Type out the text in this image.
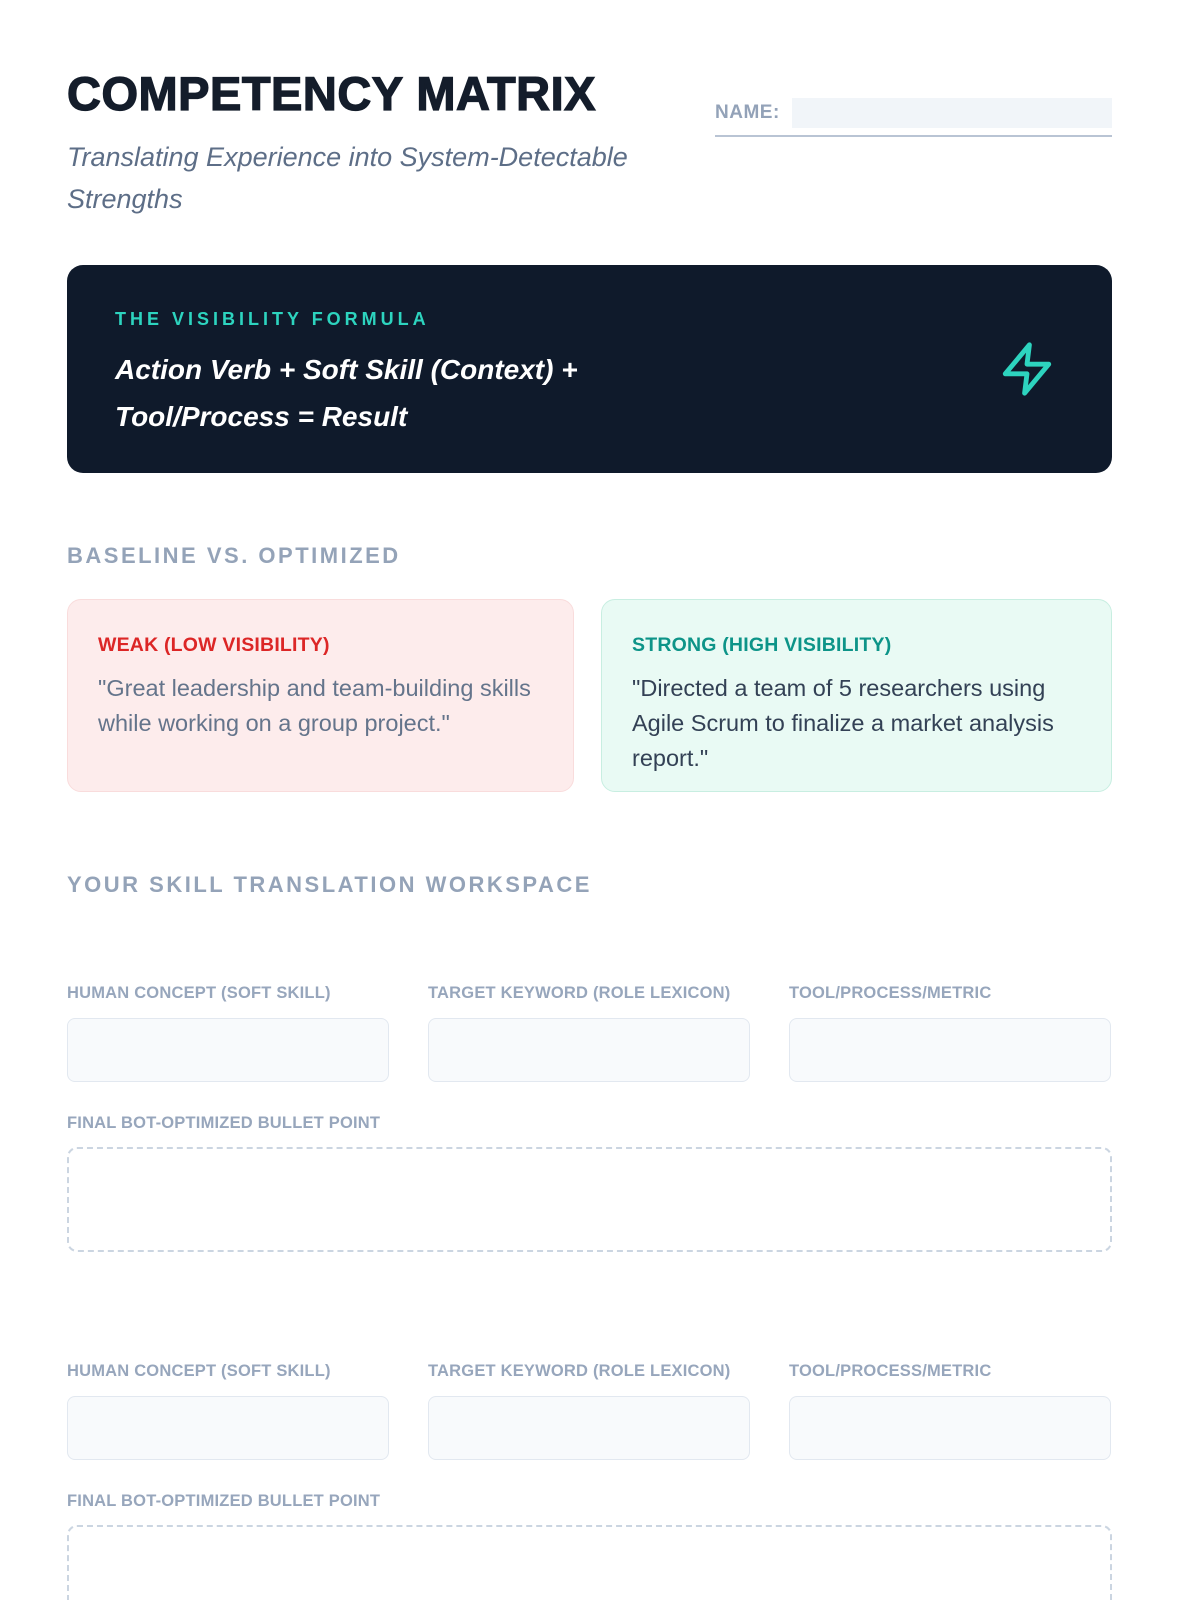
COMPETENCY MATRIX
Translating Experience into System-Detectable Strengths
NAME:
THE VISIBILITY FORMULA
Action Verb + Soft Skill (Context) +
Tool/Process = Result
BASELINE VS. OPTIMIZED
WEAK (LOW VISIBILITY)
"Great leadership and team-building skills while working on a group project."
STRONG (HIGH VISIBILITY)
"Directed a team of 5 researchers using Agile Scrum to finalize a market analysis report."
YOUR SKILL TRANSLATION WORKSPACE
HUMAN CONCEPT (SOFT SKILL)	TARGET KEYWORD (ROLE LEXICON)	TOOL/PROCESS/METRIC
FINAL BOT-OPTIMIZED BULLET POINT
HUMAN CONCEPT (SOFT SKILL)	TARGET KEYWORD (ROLE LEXICON)	TOOL/PROCESS/METRIC
FINAL BOT-OPTIMIZED BULLET POINT
